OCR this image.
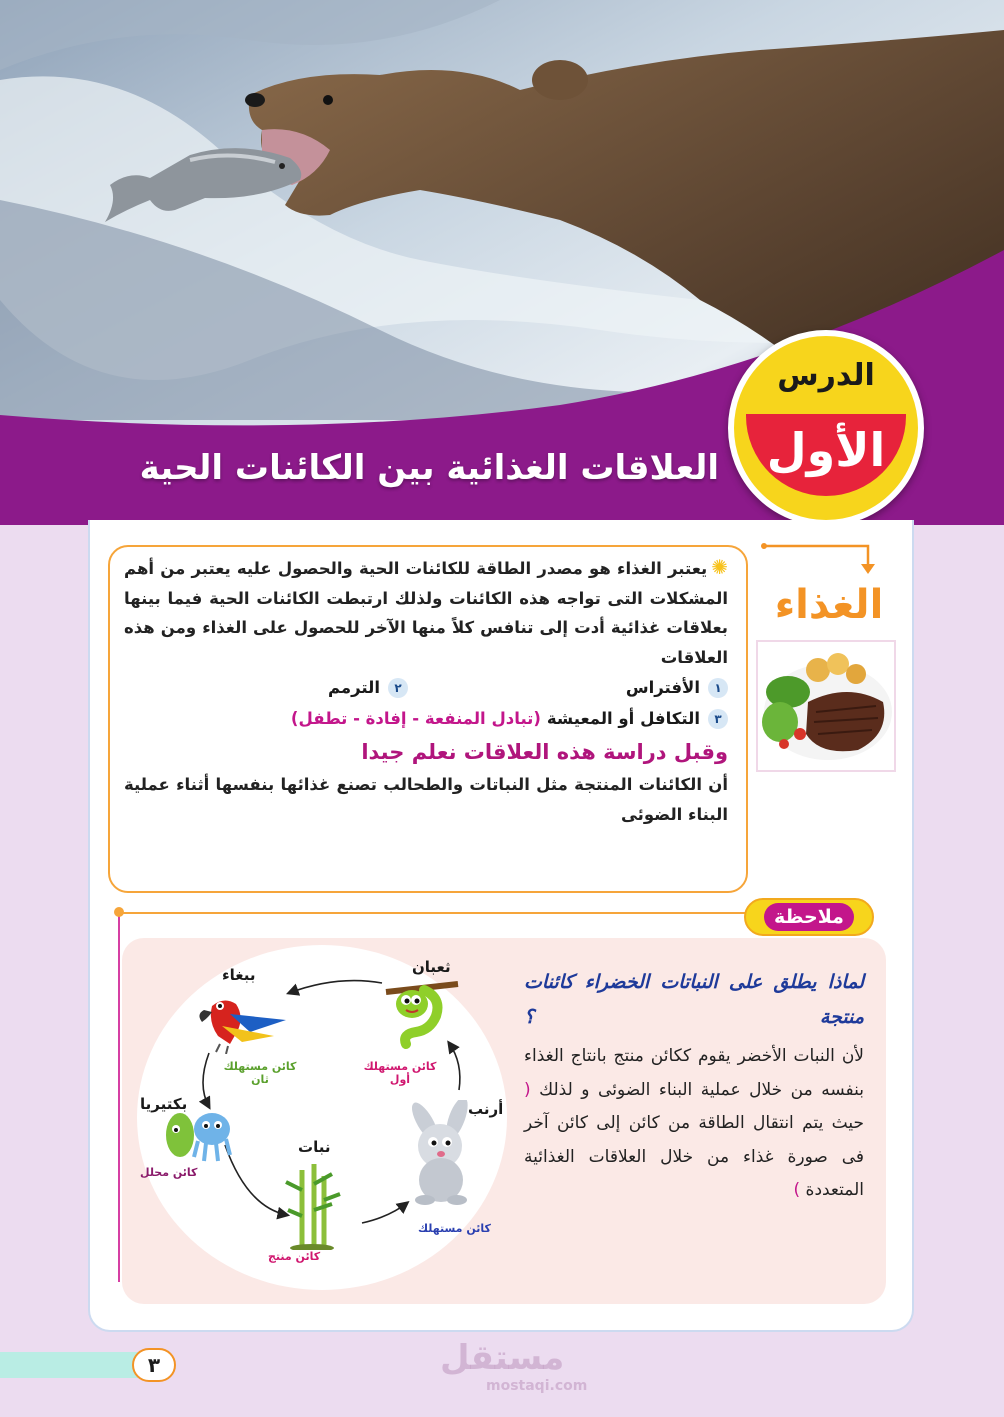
الدرس
الأول
العلاقات الغذائية بين الكائنات الحية
الغذاء

✺يعتبر الغذاء هو مصدر الطاقة للكائنات الحية والحصول عليه يعتبر من أهم المشكلات التى تواجه هذه الكائنات ولذلك ارتبطت الكائنات الحية فيما بينها بعلاقات غذائية أدت إلى تنافس كلاً منها الآخر للحصول على الغذاء ومن هذه العلاقات

١
الأفتراس
٢
الترمم
٣
التكافل أو المعيشة
(تبادل المنفعة - إفادة - تطفل)
وقبل دراسة هذه العلاقات نعلم جيدا

أن الكائنات المنتجة مثل النباتات والطحالب تصنع غذائها بنفسها أثناء عملية البناء الضوئى

ملاحظة
لماذا يطلق على النباتات الخضراء كائنات منتجة ؟
لأن النبات الأخضر يقوم ككائن منتج بانتاج الغذاء بنفسه من خلال عملية البناء الضوئى و لذلك ( حيث يتم انتقال الطاقة من كائن إلى كائن آخر فى صورة غذاء من خلال العلاقات الغذائية المتعددة )
ببغاء
كائن مستهلك
ثان
ثعبان
كائن مستهلك
أول
أرنب
كائن مستهلك
نبات
كائن منتج
بكتيريا
كائن محلل
٣	مستقل
mostaqi.com
